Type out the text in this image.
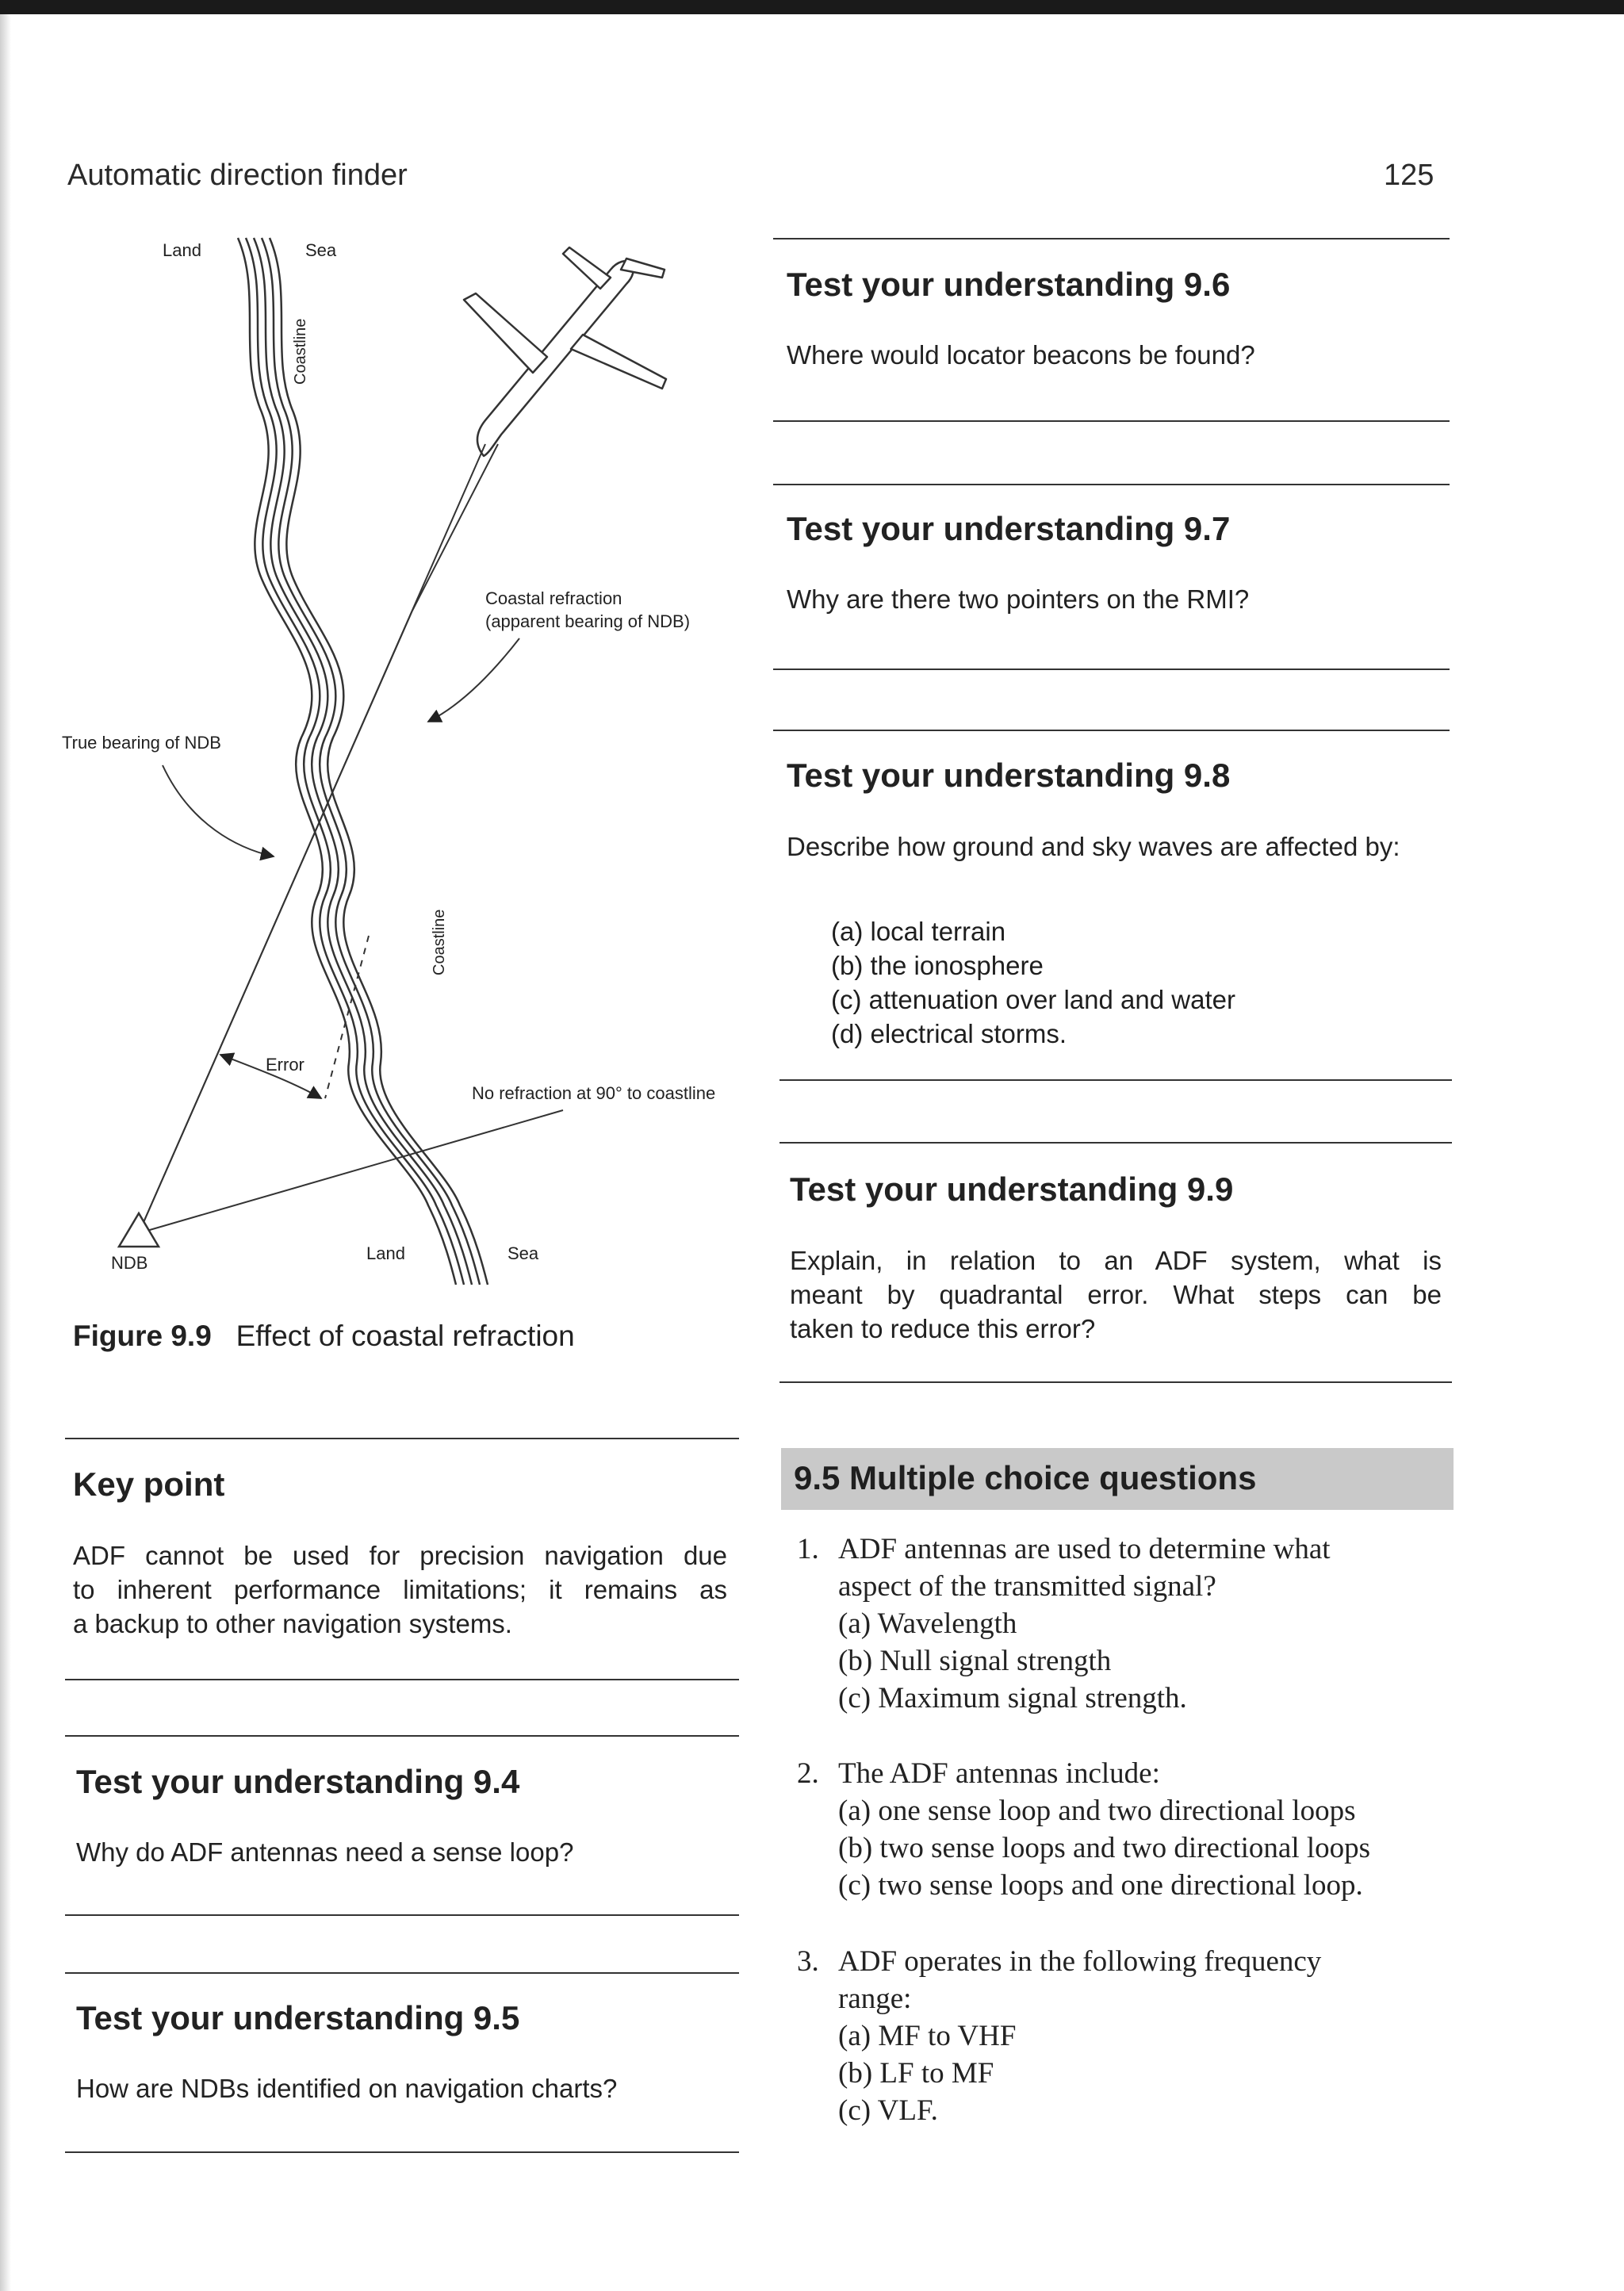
Automatic direction finder	125
Land	Sea
Coastline
Coastal refraction
(apparent bearing of NDB)
True bearing of NDB
Coastline
Error
No refraction at 90° to coastline
NDB	Land	Sea
Figure 9.9 Effect of coastal refraction
Key point
ADF cannot be used for precision navigation due
to inherent performance limitations; it remains as
a backup to other navigation systems.
Test your understanding 9.4
Why do ADF antennas need a sense loop?
Test your understanding 9.5
How are NDBs identified on navigation charts?
Test your understanding 9.6
Where would locator beacons be found?
Test your understanding 9.7
Why are there two pointers on the RMI?
Test your understanding 9.8
Describe how ground and sky waves are affected by:
(a) local terrain
(b) the ionosphere
(c) attenuation over land and water
(d) electrical storms.
Test your understanding 9.9
Explain, in relation to an ADF system, what is
meant by quadrantal error. What steps can be
taken to reduce this error?
9.5 Multiple choice questions
1. ADF antennas are used to determine what
aspect of the transmitted signal?
(a) Wavelength
(b) Null signal strength
(c) Maximum signal strength.
2. The ADF antennas include:
(a) one sense loop and two directional loops
(b) two sense loops and two directional loops
(c) two sense loops and one directional loop.
3. ADF operates in the following frequency
range:
(a) MF to VHF
(b) LF to MF
(c) VLF.
